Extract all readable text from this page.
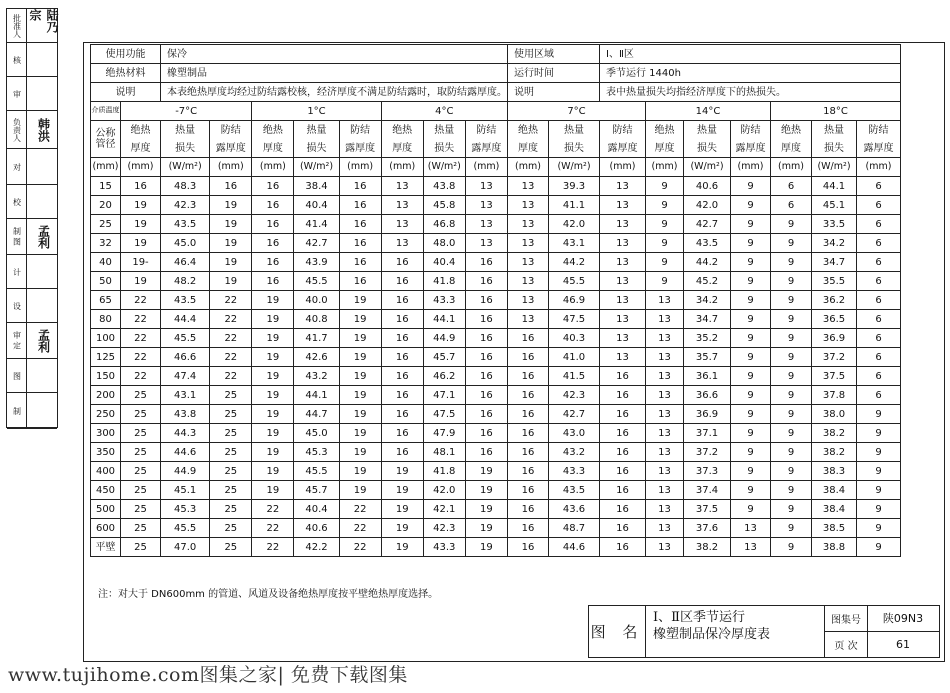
批准人	陆乃宗
核
审
负责人	韩洪
对
校
制 图	孟利
计
设
审 定	孟利
图
制
使用功能		保冷								使用区域		Ⅰ、Ⅱ区						
绝热材料		橡塑制品								运行时间		季节运行 1440h						
说明		本表绝热厚度均经过防结露校核，经济厚度不满足防结露时，取防结露厚度。								说明		表中热量损失均指经济厚度下的热损失。						
介质温度	-7°C			1°C			4°C			7°C			14°C			18°C		
公称管径	绝热	热量	防结	绝热	热量	防结	绝热	热量	防结	绝热	热量	防结	绝热	热量	防结	绝热	热量	防结
	厚度	损失	露厚度	厚度	损失	露厚度	厚度	损失	露厚度	厚度	损失	露厚度	厚度	损失	露厚度	厚度	损失	露厚度
(mm)	(mm)	(W/m²)	(mm)	(mm)	(W/m²)	(mm)	(mm)	(W/m²)	(mm)	(mm)	(W/m²)	(mm)	(mm)	(W/m²)	(mm)	(mm)	(W/m²)	(mm)
15	16	48.3	16	16	38.4	16	13	43.8	13	13	39.3	13	9	40.6	9	6	44.1	6
20	19	42.3	19	16	40.4	16	13	45.8	13	13	41.1	13	9	42.0	9	6	45.1	6
25	19	43.5	19	16	41.4	16	13	46.8	13	13	42.0	13	9	42.7	9	9	33.5	6
32	19	45.0	19	16	42.7	16	13	48.0	13	13	43.1	13	9	43.5	9	9	34.2	6
40	19-	46.4	19	16	43.9	16	16	40.4	16	13	44.2	13	9	44.2	9	9	34.7	6
50	19	48.2	19	16	45.5	16	16	41.8	16	13	45.5	13	9	45.2	9	9	35.5	6
65	22	43.5	22	19	40.0	19	16	43.3	16	13	46.9	13	13	34.2	9	9	36.2	6
80	22	44.4	22	19	40.8	19	16	44.1	16	13	47.5	13	13	34.7	9	9	36.5	6
100	22	45.5	22	19	41.7	19	16	44.9	16	16	40.3	13	13	35.2	9	9	36.9	6
125	22	46.6	22	19	42.6	19	16	45.7	16	16	41.0	13	13	35.7	9	9	37.2	6
150	22	47.4	22	19	43.2	19	16	46.2	16	16	41.5	16	13	36.1	9	9	37.5	6
200	25	43.1	25	19	44.1	19	16	47.1	16	16	42.3	16	13	36.6	9	9	37.8	6
250	25	43.8	25	19	44.7	19	16	47.5	16	16	42.7	16	13	36.9	9	9	38.0	9
300	25	44.3	25	19	45.0	19	16	47.9	16	16	43.0	16	13	37.1	9	9	38.2	9
350	25	44.6	25	19	45.3	19	16	48.1	16	16	43.2	16	13	37.2	9	9	38.2	9
400	25	44.9	25	19	45.5	19	19	41.8	19	16	43.3	16	13	37.3	9	9	38.3	9
450	25	45.1	25	19	45.7	19	19	42.0	19	16	43.5	16	13	37.4	9	9	38.4	9
500	25	45.3	25	22	40.4	22	19	42.1	19	16	43.6	16	13	37.5	9	9	38.4	9
600	25	45.5	25	22	40.6	22	19	42.3	19	16	48.7	16	13	37.6	13	9	38.5	9
平壁	25	47.0	25	22	42.2	22	19	43.3	19	16	44.6	16	13	38.2	13	9	38.8	9
注：对大于 DN600mm 的管道、风道及设备绝热厚度按平壁绝热厚度选择。
图 名
Ⅰ、Ⅱ区季节运行
橡塑制品保冷厚度表
图集号	陕09N3
页 次	61
www.tujihome.com图集之家| 免费下载图集
